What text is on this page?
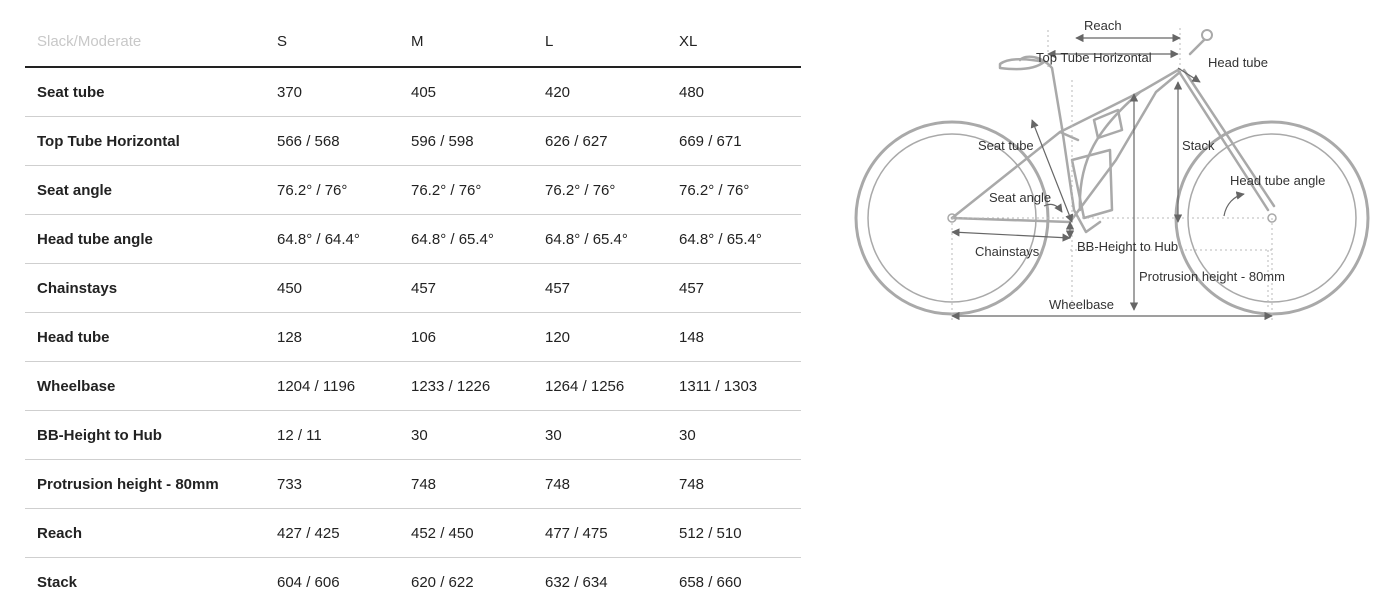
Slack/Moderate	S	M	L	XL
Seat tube	370	405	420	480
Top Tube Horizontal	566 / 568	596 / 598	626 / 627	669 / 671
Seat angle	76.2° / 76°	76.2° / 76°	76.2° / 76°	76.2° / 76°
Head tube angle	64.8° / 64.4°	64.8° / 65.4°	64.8° / 65.4°	64.8° / 65.4°
Chainstays	450	457	457	457
Head tube	128	106	120	148
Wheelbase	1204 / 1196	1233 / 1226	1264 / 1256	1311 / 1303
BB-Height to Hub	12 / 11	30	30	30
Protrusion height - 80mm	733	748	748	748
Reach	427 / 425	452 / 450	477 / 475	512 / 510
Stack	604 / 606	620 / 622	632 / 634	658 / 660
Reach
Top Tube Horizontal	Head tube
Seat tube	Stack
Head tube angle
Seat angle
Chainstays	BB-Height to Hub
Protrusion height - 80mm
Wheelbase
